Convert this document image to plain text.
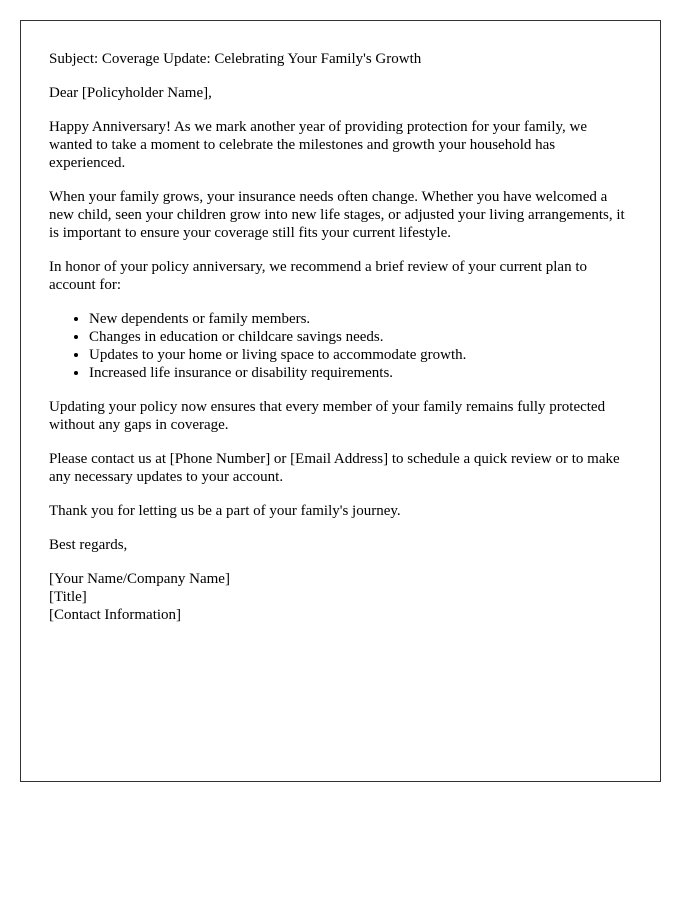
Subject: Coverage Update: Celebrating Your Family's Growth

Dear [Policyholder Name],

Happy Anniversary! As we mark another year of providing protection for your family, we wanted to take a moment to celebrate the milestones and growth your household has experienced.

When your family grows, your insurance needs often change. Whether you have welcomed a new child, seen your children grow into new life stages, or adjusted your living arrangements, it is important to ensure your coverage still fits your current lifestyle.

In honor of your policy anniversary, we recommend a brief review of your current plan to account for:

• New dependents or family members.
• Changes in education or childcare savings needs.
• Updates to your home or living space to accommodate growth.
• Increased life insurance or disability requirements.

Updating your policy now ensures that every member of your family remains fully protected without any gaps in coverage.

Please contact us at [Phone Number] or [Email Address] to schedule a quick review or to make any necessary updates to your account.

Thank you for letting us be a part of your family's journey.

Best regards,

[Your Name/Company Name]

[Title]

[Contact Information]
